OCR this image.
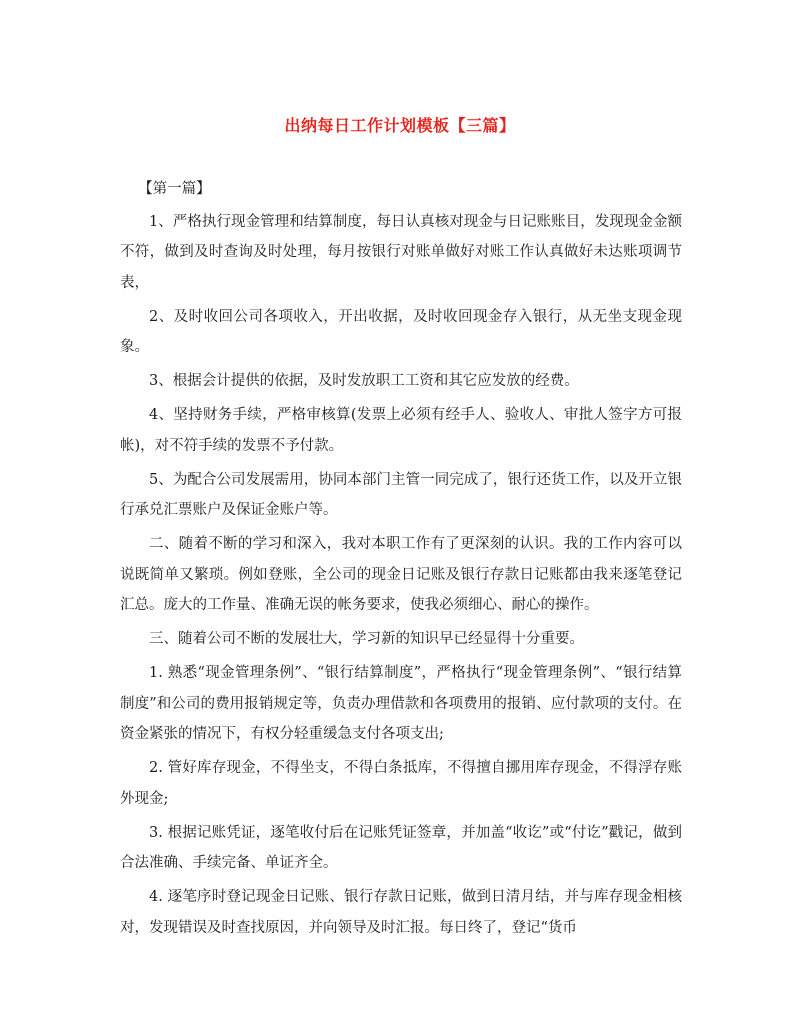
出纳每日工作计划模板【三篇】

【第一篇】

1、严格执行现金管理和结算制度，每日认真核对现金与日记账账目，发现现金金额不符，做到及时查询及时处理，每月按银行对账单做好对账工作认真做好未达账项调节表，

2、及时收回公司各项收入，开出收据，及时收回现金存入银行，从无坐支现金现象。

3、根据会计提供的依据，及时发放职工工资和其它应发放的经费。

4、坚持财务手续，严格审核算(发票上必须有经手人、验收人、审批人签字方可报帐)，对不符手续的发票不予付款。

5、为配合公司发展需用，协同本部门主管一同完成了，银行还货工作，以及开立银行承兑汇票账户及保证金账户等。

二、随着不断的学习和深入，我对本职工作有了更深刻的认识。我的工作内容可以说既简单又繁琐。例如登账，全公司的现金日记账及银行存款日记账都由我来逐笔登记汇总。庞大的工作量、准确无误的帐务要求，使我必须细心、耐心的操作。

三、随着公司不断的发展壮大，学习新的知识早已经显得十分重要。

1. 熟悉“现金管理条例”、“银行结算制度”，严格执行“现金管理条例”、“银行结算制度”和公司的费用报销规定等，负责办理借款和各项费用的报销、应付款项的支付。在资金紧张的情况下，有权分轻重缓急支付各项支出;

2. 管好库存现金，不得坐支，不得白条抵库，不得擅自挪用库存现金，不得浮存账外现金;

3. 根据记账凭证，逐笔收付后在记账凭证签章，并加盖“收讫”或“付讫”戳记，做到合法准确、手续完备、单证齐全。

4. 逐笔序时登记现金日记账、银行存款日记账，做到日清月结，并与库存现金相核对，发现错误及时查找原因，并向领导及时汇报。每日终了，登记“货币
